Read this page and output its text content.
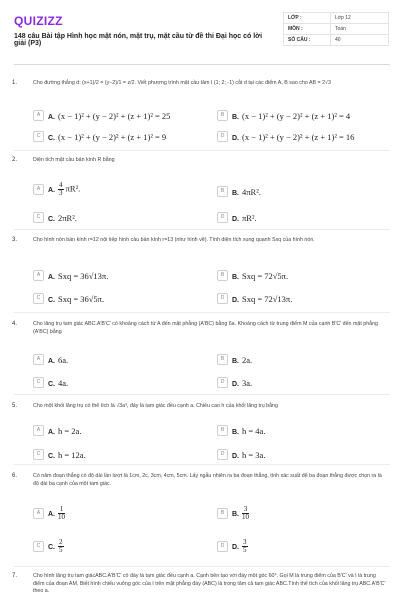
QUIZIZZ
148 câu Bài tập Hình học mặt nón, mặt trụ, mặt cầu từ đề thi Đại học có lời giải (P3)
LỚP :	Lớp 12
MÔN :	Toán
SỐ CÂU :	40
1.	Cho đường thẳng d: (x+1)/2 = (y−2)/1 = z/2. Viết phương trình mặt cầu tâm I (1; 2; -1) cắt d tại các điểm A, B sao cho AB = 2√3
A A. (x − 1)² + (y − 2)² + (z + 1)² = 25	B B. (x − 1)² + (y − 2)² + (z + 1)² = 4
C C. (x − 1)² + (y − 2)² + (z + 1)² = 9	D D. (x − 1)² + (y − 2)² + (z + 1)² = 16
2.	Diện tích mặt cầu bán kính R bằng
A A. $\frac{4}{3} \pi R^2$.	B B. 4πR².
C C. 2πR².	D D. πR².
3.	Cho hình nón bán kính r=12 nội tiếp hình cầu bán kính r=13 (như hình vẽ). Tính diện tích xung quanh Sxq của hình nón.
A A. Sxq = 36√13π.	B B. Sxq = 72√5π.
C C. Sxq = 36√5π.	D D. Sxq = 72√13π.
4.	Cho lăng trụ tam giác ABC.A'B'C' có khoảng cách từ A đến mặt phẳng (A'BC) bằng 6a. Khoảng cách từ trung điểm M của cạnh B'C' đến mặt phẳng (A'BC) bằng
A A. 6a.	B B. 2a.
C C. 4a.	D D. 3a.
5.	Cho một khối lăng trụ có thể tích là √3a³, đáy là tam giác đều cạnh a. Chiều cao h của khối lăng trụ bằng
A A. h = 2a.	B B. h = 4a.
C C. h = 12a.	D D. h = 3a.
6.	Có năm đoạn thẳng có độ dài lần lượt là 1cm, 2c, 3cm, 4cm, 5cm. Lấy ngẫu nhiên ra ba đoạn thẳng, tính xác suất để ba đoạn thẳng được chọn ra là độ dài ba cạnh của một tam giác.
A A. $\frac{1}{10}$	B B. $\frac{3}{10}$
C C. $\frac{2}{5}$	D D. $\frac{3}{5}$
7.	Cho hình lăng trụ tam giácABC.A'B'C' có đáy là tam giác đều cạnh a. Cạnh bên tạo với đáy một góc 60°. Gọi M là trung điểm của B'C' và I là trung điểm của đoạn AM. Biết hình chiếu vuông góc của I trên mặt phẳng đáy (ABC) là trọng tâm cả tam giác ABC.Tính thể tích của khối lăng trụ ABC.A'B'C' theo a.
